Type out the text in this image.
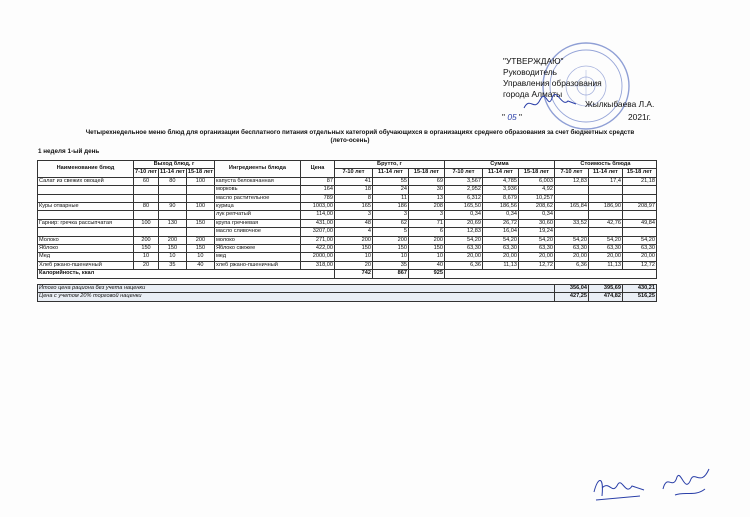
"УТВЕРЖДАЮ"
Руководитель
Управления образования
города Алматы
Жылкыбаева Л.А.
" 05 "	2021г.
Четырехнедельное меню блюд для организации бесплатного питания отдельных категорий обучающихся в организациях среднего образования за счет бюджетных средств
(лето-осень)
1 неделя 1-ый день
Наименование блюд	Выход блюд, г			Ингредиенты блюда	Цена	Брутто, г			Сумма			Стоимость блюда		
	7-10 лет	11-14 лет	15-18 лет			7-10 лет	11-14 лет	15-18 лет	7-10 лет	11-14 лет	15-18 лет	7-10 лет	11-14 лет	15-18 лет
Салат из свежих овощей	60	80	100	капуста белокачанная	87	41	55	69	3,567	4,785	6,003	12,83	17,4	21,18
				морковь	164	18	24	30	2,952	3,936	4,92			
				масло растительное	789	8	11	13	6,312	8,679	10,257			
Куры отварные	80	90	100	курица	1003,00	165	186	208	165,50	186,56	208,62	165,84	186,90	208,97
				лук репчатый	114,00	3	3	3	0,34	0,34	0,34			
Гарнир: гречка рассыпчатая	100	130	150	крупа гречневая	431,00	48	62	71	20,69	26,72	30,60	33,52	42,76	49,84
				масло сливочное	3207,00	4	5	6	12,83	16,04	19,24			
Молоко	200	200	200	молоко	271,00	200	200	200	54,20	54,20	54,20	54,20	54,20	54,20
Яблоко	150	150	150	Яблоко свежее	422,00	150	150	150	63,30	63,30	63,30	63,30	63,30	63,30
Мед	10	10	10	мед	2000,00	10	10	10	20,00	20,00	20,00	20,00	20,00	20,00
Хлеб ржано-пшеничный	20	35	40	хлеб ржано-пшеничный	318,00	20	35	40	6,36	11,13	12,72	6,36	11,13	12,72
Калорийность, ккал						742	867	925						

Итого цена рациона без учета наценки												356,04	395,69	430,21
Цена с учетом 20% торговой наценки												427,25	474,82	516,25
